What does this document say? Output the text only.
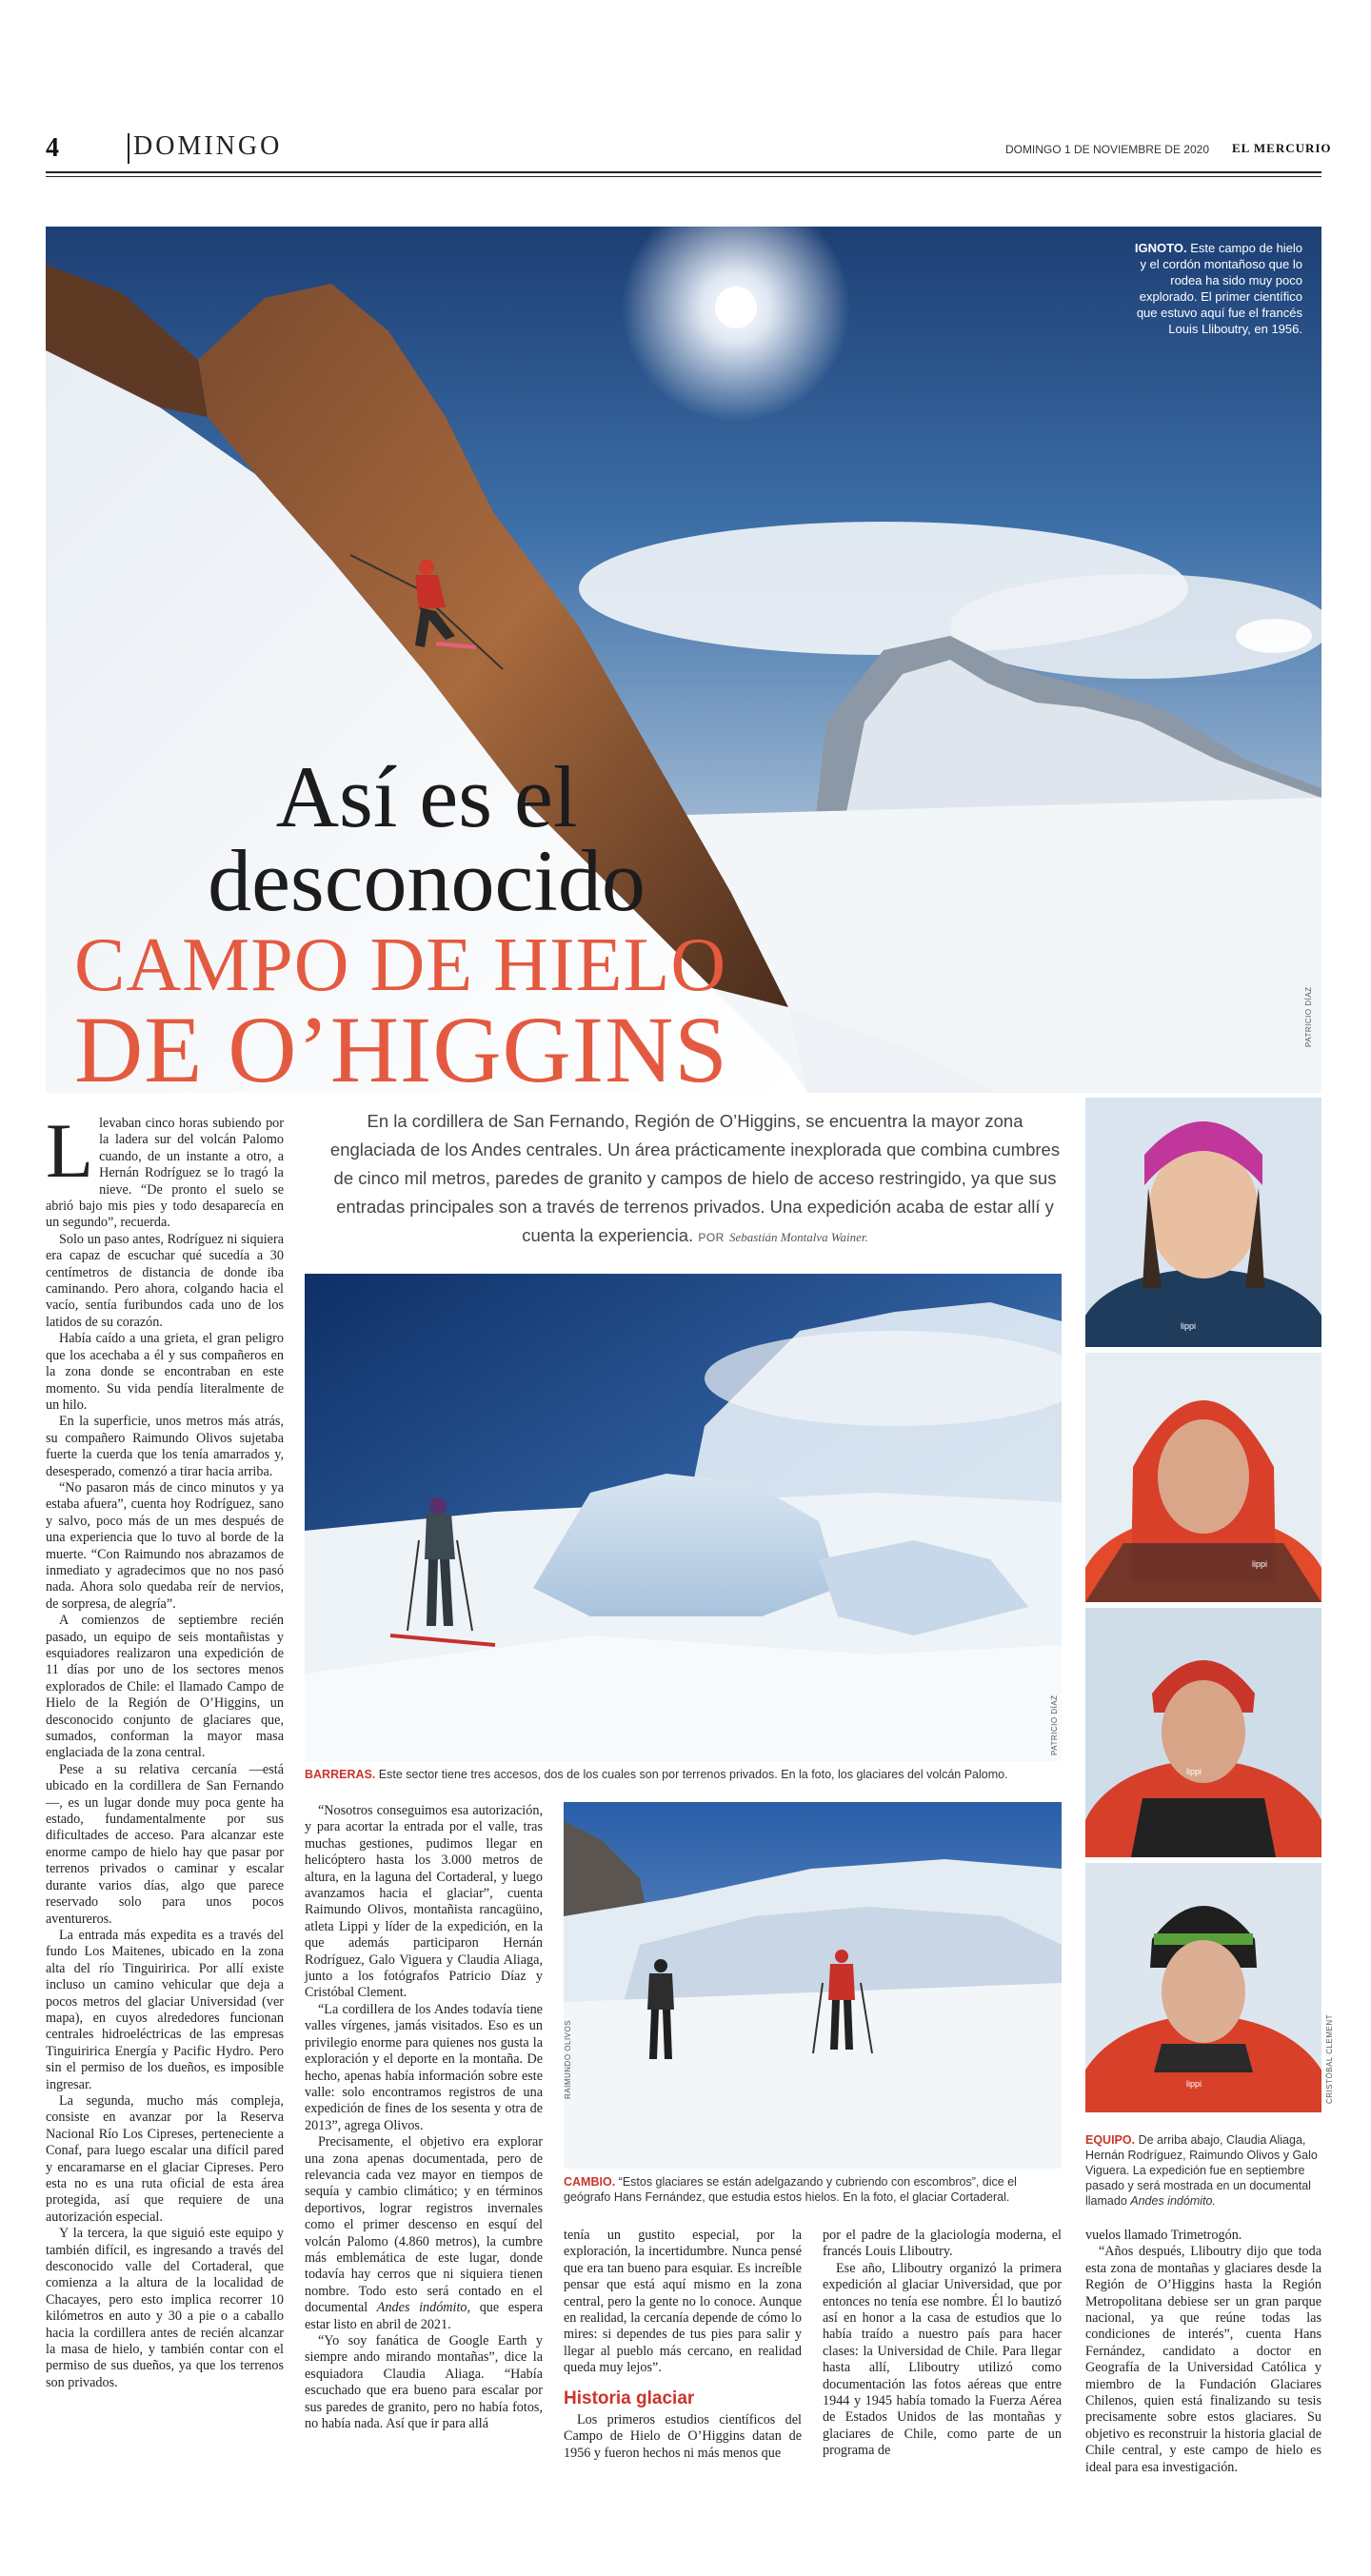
4	DOMINGO	DOMINGO 1 DE NOVIEMBRE DE 2020 EL MERCURIO
IGNOTO. Este campo de hielo y el cordón montañoso que lo rodea ha sido muy poco explorado. El primer científico que estuvo aquí fue el francés Louis Lliboutry, en 1956.
PATRICIO DÍAZ
Así es el
desconocido
CAMPO DE HIELO
DE O’HIGGINS
En la cordillera de San Fernando, Región de O’Higgins, se encuentra la mayor zona englaciada de los Andes centrales. Un área prácticamente inexplorada que combina cumbres de cinco mil metros, paredes de granito y campos de hielo de acceso restringido, ya que sus entradas principales son a través de terrenos privados. Una expedición acaba de estar allí y cuenta la experiencia. POR Sebastián Montalva Wainer.

Llevaban cinco horas subiendo por la ladera sur del volcán Palomo cuando, de un instante a otro, a Hernán Rodríguez se lo tragó la nieve. “De pronto el suelo se abrió bajo mis pies y todo desaparecía en un segundo”, recuerda.

Solo un paso antes, Rodríguez ni siquiera era capaz de escuchar qué sucedía a 30 centímetros de distancia de donde iba caminando. Pero ahora, colgando hacia el vacío, sentía furibundos cada uno de los latidos de su corazón.

Había caído a una grieta, el gran peligro que los acechaba a él y sus compañeros en la zona donde se encontraban en este momento. Su vida pendía literalmente de un hilo.

En la superficie, unos metros más atrás, su compañero Raimundo Olivos sujetaba fuerte la cuerda que los tenía amarrados y, desesperado, comenzó a tirar hacia arriba.

“No pasaron más de cinco minutos y ya estaba afuera”, cuenta hoy Rodríguez, sano y salvo, poco más de un mes después de una experiencia que lo tuvo al borde de la muerte. “Con Raimundo nos abrazamos de inmediato y agradecimos que no nos pasó nada. Ahora solo quedaba reír de nervios, de sorpresa, de alegría”.

A comienzos de septiembre recién pasado, un equipo de seis montañistas y esquiadores realizaron una expedición de 11 días por uno de los sectores menos explorados de Chile: el llamado Campo de Hielo de la Región de O’Higgins, un desconocido conjunto de glaciares que, sumados, conforman la mayor masa englaciada de la zona central.

Pese a su relativa cercanía —está ubicado en la cordillera de San Fernando—, es un lugar donde muy poca gente ha estado, fundamentalmente por sus dificultades de acceso. Para alcanzar este enorme campo de hielo hay que pasar por terrenos privados o caminar y escalar durante varios días, algo que parece reservado solo para unos pocos aventureros.

La entrada más expedita es a través del fundo Los Maitenes, ubicado en la zona alta del río Tinguiririca. Por allí existe incluso un camino vehicular que deja a pocos metros del glaciar Universidad (ver mapa), en cuyos alrededores funcionan centrales hidroeléctricas de las empresas Tinguiririca Energía y Pacific Hydro. Pero sin el permiso de los dueños, es imposible ingresar.

La segunda, mucho más compleja, consiste en avanzar por la Reserva Nacional Río Los Cipreses, perteneciente a Conaf, para luego escalar una difícil pared y encaramarse en el glaciar Cipreses. Pero esta no es una ruta oficial de esta área protegida, así que requiere de una autorización especial.

Y la tercera, la que siguió este equipo y también difícil, es ingresando a través del desconocido valle del Cortaderal, que comienza a la altura de la localidad de Chacayes, pero esto implica recorrer 10 kilómetros en auto y 30 a pie o a caballo hacia la cordillera antes de recién alcanzar la masa de hielo, y también contar con el permiso de sus dueños, ya que los terrenos son privados.

PATRICIO DÍAZ
BARRERAS. Este sector tiene tres accesos, dos de los cuales son por terrenos privados. En la foto, los glaciares del volcán Palomo.

“Nosotros conseguimos esa autorización, y para acortar la entrada por el valle, tras muchas gestiones, pudimos llegar en helicóptero hasta los 3.000 metros de altura, en la laguna del Cortaderal, y luego avanzamos hacia el glaciar”, cuenta Raimundo Olivos, montañista rancagüino, atleta Lippi y líder de la expedición, en la que además participaron Hernán Rodríguez, Galo Viguera y Claudia Aliaga, junto a los fotógrafos Patricio Díaz y Cristóbal Clement.

“La cordillera de los Andes todavía tiene valles vírgenes, jamás visitados. Eso es un privilegio enorme para quienes nos gusta la exploración y el deporte en la montaña. De hecho, apenas había información sobre este valle: solo encontramos registros de una expedición de fines de los sesenta y otra de 2013”, agrega Olivos.

Precisamente, el objetivo era explorar una zona apenas documentada, pero de relevancia cada vez mayor en tiempos de sequía y cambio climático; y en términos deportivos, lograr registros invernales como el primer descenso en esquí del volcán Palomo (4.860 metros), la cumbre más emblemática de este lugar, donde todavía hay cerros que ni siquiera tienen nombre. Todo esto será contado en el documental Andes indómito, que espera estar listo en abril de 2021.

“Yo soy fanática de Google Earth y siempre ando mirando montañas”, dice la esquiadora Claudia Aliaga. “Había escuchado que era bueno para escalar por sus paredes de granito, pero no había fotos, no había nada. Así que ir para allá

RAIMUNDO OLIVOS
CAMBIO. “Estos glaciares se están adelgazando y cubriendo con escombros”, dice el geógrafo Hans Fernández, que estudia estos hielos. En la foto, el glaciar Cortaderal.

tenía un gustito especial, por la exploración, la incertidumbre. Nunca pensé que era tan bueno para esquiar. Es increíble pensar que está aquí mismo en la zona central, pero la gente no lo conoce. Aunque en realidad, la cercanía depende de cómo lo mires: si dependes de tus pies para salir y llegar al pueblo más cercano, en realidad queda muy lejos”.

Historia glaciar

Los primeros estudios científicos del Campo de Hielo de O’Higgins datan de 1956 y fueron hechos ni más menos que

por el padre de la glaciología moderna, el francés Louis Lliboutry.

Ese año, Lliboutry organizó la primera expedición al glaciar Universidad, que por entonces no tenía ese nombre. Él lo bautizó así en honor a la casa de estudios que lo había traído a nuestro país para hacer clases: la Universidad de Chile. Para llegar hasta allí, Lliboutry utilizó como documentación las fotos aéreas que entre 1944 y 1945 había tomado la Fuerza Aérea de Estados Unidos de las montañas y glaciares de Chile, como parte de un programa de

lippi
lippi
lippi
lippi	CRISTÓBAL CLEMENT
EQUIPO. De arriba abajo, Claudia Aliaga, Hernán Rodríguez, Raimundo Olivos y Galo Viguera. La expedición fue en septiembre pasado y será mostrada en un documental llamado Andes indómito.

vuelos llamado Trimetrogón.

“Años después, Lliboutry dijo que toda esta zona de montañas y glaciares desde la Región de O’Higgins hasta la Región Metropolitana debiese ser un gran parque nacional, ya que reúne todas las condiciones de interés”, cuenta Hans Fernández, candidato a doctor en Geografía de la Universidad Católica y miembro de la Fundación Glaciares Chilenos, quien está finalizando su tesis precisamente sobre estos glaciares. Su objetivo es reconstruir la historia glacial de Chile central, y este campo de hielo es ideal para esa investigación.
